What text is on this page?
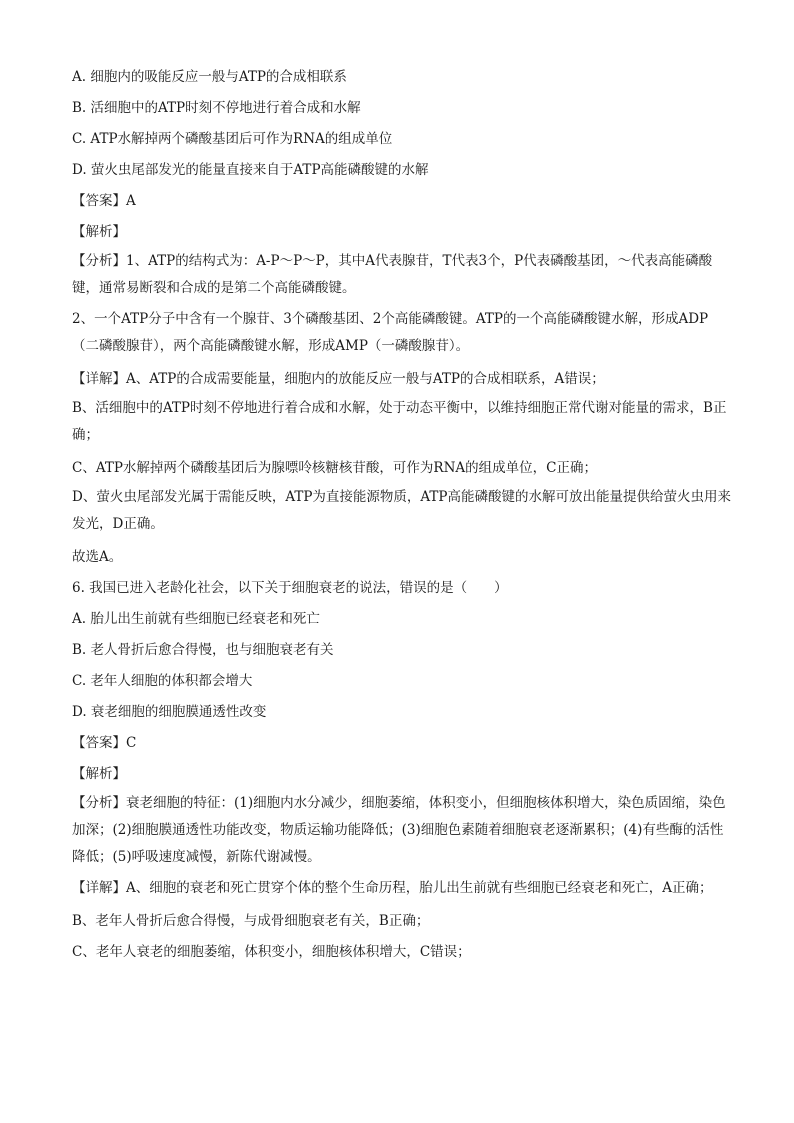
A. 细胞内的吸能反应一般与ATP的合成相联系

B. 活细胞中的ATP时刻不停地进行着合成和水解

C. ATP水解掉两个磷酸基团后可作为RNA的组成单位

D. 萤火虫尾部发光的能量直接来自于ATP高能磷酸键的水解

【答案】A

【解析】

【分析】1、ATP的结构式为：A-P～P～P，其中A代表腺苷，T代表3个，P代表磷酸基团，～代表高能磷酸键，通常易断裂和合成的是第二个高能磷酸键。

2、一个ATP分子中含有一个腺苷、3个磷酸基团、2个高能磷酸键。ATP的一个高能磷酸键水解，形成ADP（二磷酸腺苷），两个高能磷酸键水解，形成AMP（一磷酸腺苷）。

【详解】A、ATP的合成需要能量，细胞内的放能反应一般与ATP的合成相联系，A错误；

B、活细胞中的ATP时刻不停地进行着合成和水解，处于动态平衡中，以维持细胞正常代谢对能量的需求，B正确；

C、ATP水解掉两个磷酸基团后为腺嘌呤核糖核苷酸，可作为RNA的组成单位，C正确；

D、萤火虫尾部发光属于需能反映，ATP为直接能源物质，ATP高能磷酸键的水解可放出能量提供给萤火虫用来发光，D正确。

故选A。

6. 我国已进入老龄化社会，以下关于细胞衰老的说法，错误的是（　　）

A. 胎儿出生前就有些细胞已经衰老和死亡

B. 老人骨折后愈合得慢，也与细胞衰老有关

C. 老年人细胞的体积都会增大

D. 衰老细胞的细胞膜通透性改变

【答案】C

【解析】

【分析】衰老细胞的特征：(1)细胞内水分减少，细胞萎缩，体积变小，但细胞核体积增大，染色质固缩，染色加深；(2)细胞膜通透性功能改变，物质运输功能降低；(3)细胞色素随着细胞衰老逐渐累积；(4)有些酶的活性降低；(5)呼吸速度减慢，新陈代谢减慢。

【详解】A、细胞的衰老和死亡贯穿个体的整个生命历程，胎儿出生前就有些细胞已经衰老和死亡，A正确；

B、老年人骨折后愈合得慢，与成骨细胞衰老有关，B正确；

C、老年人衰老的细胞萎缩，体积变小，细胞核体积增大，C错误；
